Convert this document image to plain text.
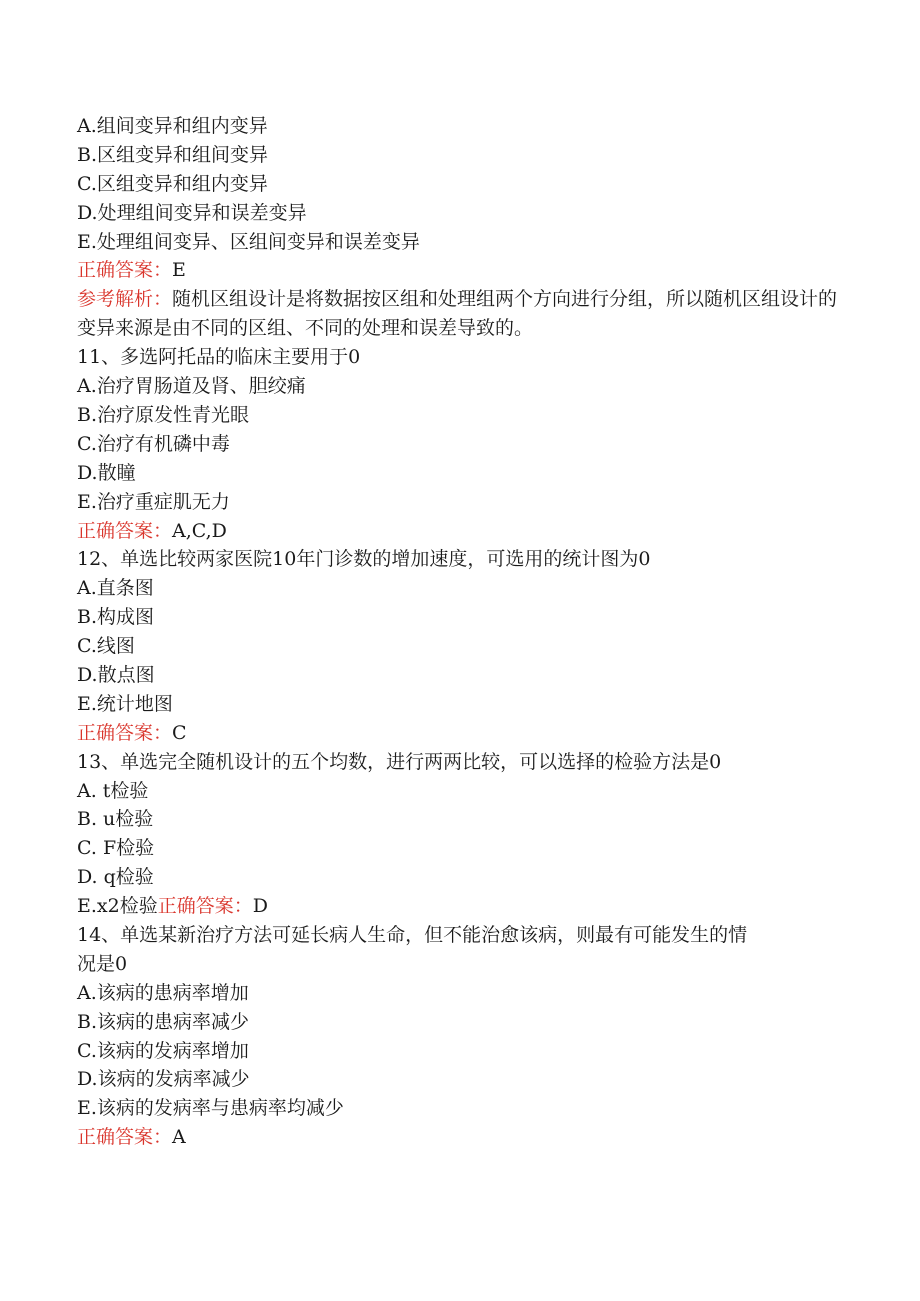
A.组间变异和组内变异
B.区组变异和组间变异
C.区组变异和组内变异
D.处理组间变异和误差变异
E.处理组间变异、区组间变异和误差变异
正确答案：E
参考解析：随机区组设计是将数据按区组和处理组两个方向进行分组，所以随机区组设计的变异来源是由不同的区组、不同的处理和误差导致的。
11、多选阿托品的临床主要用于0
A.治疗胃肠道及肾、胆绞痛
B.治疗原发性青光眼
C.治疗有机磷中毒
D.散瞳
E.治疗重症肌无力
正确答案：A,C,D
12、单选比较两家医院10年门诊数的增加速度，可选用的统计图为0
A.直条图
B.构成图
C.线图
D.散点图
E.统计地图
正确答案：C
13、单选完全随机设计的五个均数，进行两两比较，可以选择的检验方法是0
A. t检验
B. u检验
C. F检验
D. q检验
E.x2检验正确答案：D
14、单选某新治疗方法可延长病人生命，但不能治愈该病，则最有可能发生的情
况是0
A.该病的患病率增加
B.该病的患病率减少
C.该病的发病率增加
D.该病的发病率减少
E.该病的发病率与患病率均减少
正确答案：A
